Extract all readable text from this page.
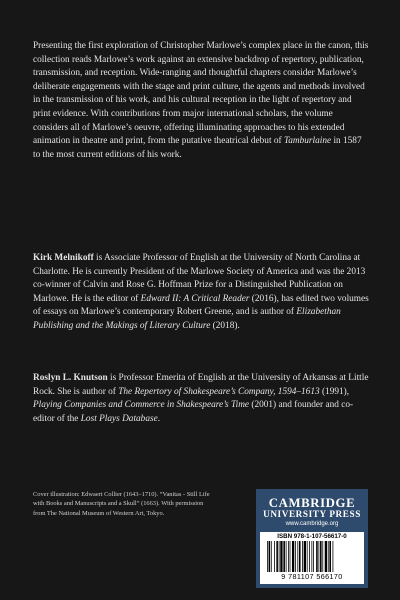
Presenting the first exploration of Christopher Marlowe’s complex place in the canon, this collection reads Marlowe’s work against an extensive backdrop of repertory, publication, transmission, and reception. Wide-ranging and thoughtful chapters consider Marlowe’s deliberate engagements with the stage and print culture, the agents and methods involved in the transmission of his work, and his cultural reception in the light of repertory and print evidence. With contributions from major international scholars, the volume considers all of Marlowe’s oeuvre, offering illuminating approaches to his extended animation in theatre and print, from the putative theatrical debut of Tamburlaine in 1587 to the most current editions of his work.

Kirk Melnikoff is Associate Professor of English at the University of North Carolina at Charlotte. He is currently President of the Marlowe Society of America and was the 2013 co-winner of Calvin and Rose G. Hoffman Prize for a Distinguished Publication on Marlowe. He is the editor of Edward II: A Critical Reader (2016), has edited two volumes of essays on Marlowe’s contemporary Robert Greene, and is author of Elizabethan Publishing and the Makings of Literary Culture (2018).

Roslyn L. Knutson is Professor Emerita of English at the University of Arkansas at Little Rock. She is author of The Repertory of Shakespeare’s Company, 1594–1613 (1991), Playing Companies and Commerce in Shakespeare’s Time (2001) and founder and co-editor of the Lost Plays Database.

Cover illustration: Edwaert Collier (1643–1710). “Vanitas - Still Life with Books and Manuscripts and a Skull” (1663). With permission from The National Museum of Western Art, Tokyo.

CAMBRIDGE
UNIVERSITY PRESS
www.cambridge.org
ISBN 978-1-107-56617-0
9 781107 566170
